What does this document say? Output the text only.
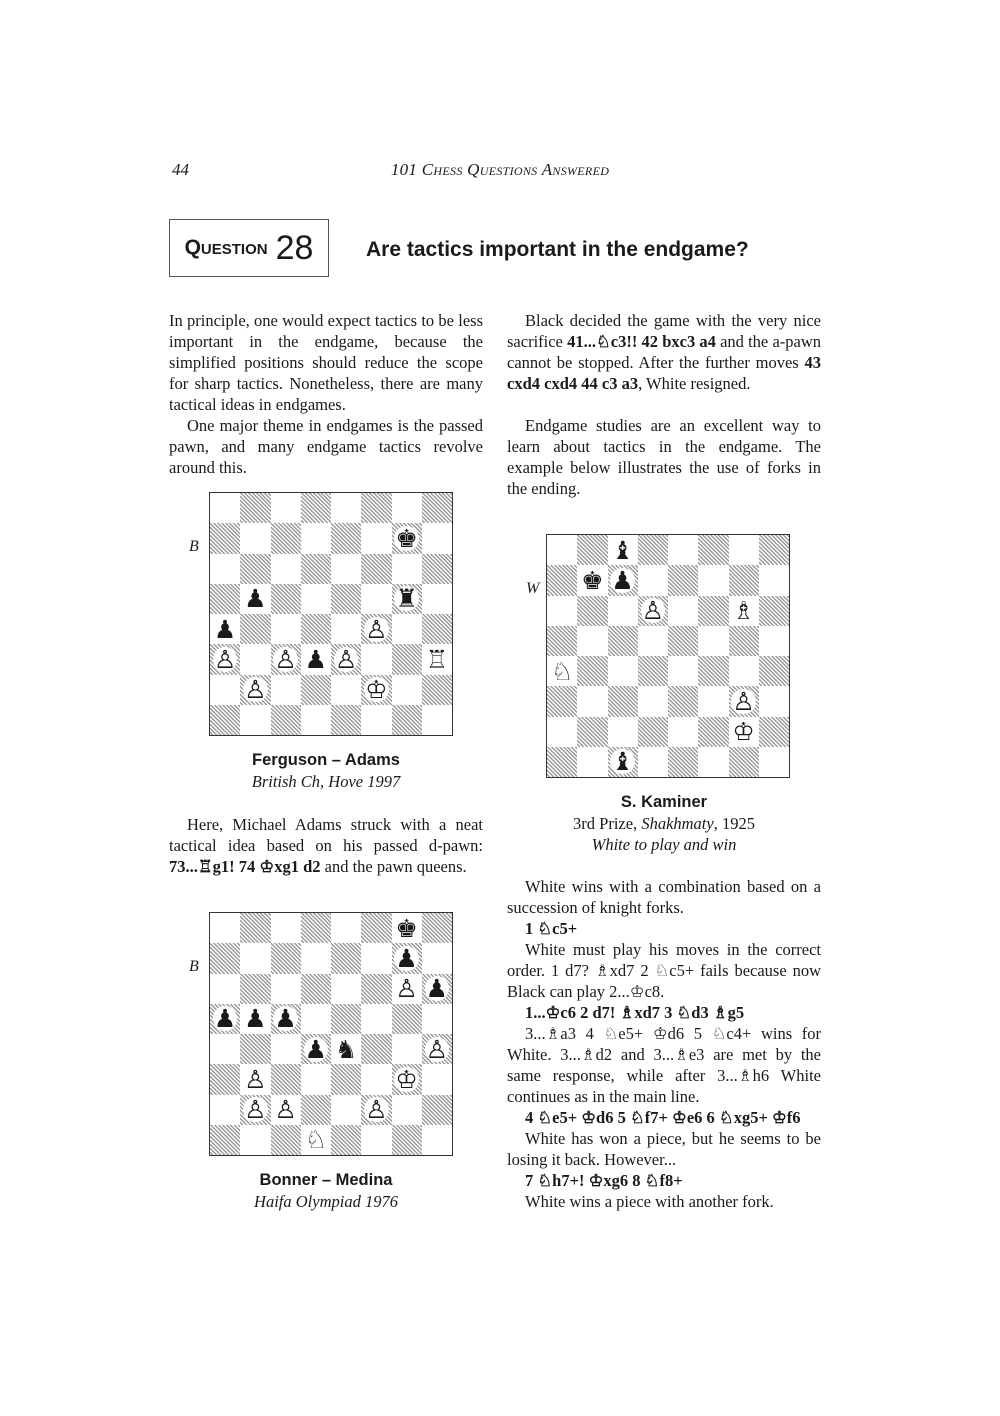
44	101 Chess Questions Answered
Question 28	Are tactics important in the endgame?

In principle, one would expect tactics to be less important in the endgame, because the simplified positions should reduce the scope for sharp tactics. Nonetheless, there are many tactical ideas in endgames.

One major theme in endgames is the passed pawn, and many endgame tactics revolve around this.

B	♚
♟	♜
♟	♙
♙ ♙ ♟ ♙	♖
♙	♔
Ferguson – Adams
British Ch, Hove 1997

Here, Michael Adams struck with a neat tactical idea based on his passed d-pawn: 73...♖g1! 74 ♔xg1 d2 and the pawn queens.

B
♚
♟
♙ ♟
♟ ♟ ♟
♟ ♞	♙
♙	♔
♙ ♙	♙
♘
Bonner – Medina
Haifa Olympiad 1976

Black decided the game with the very nice sacrifice 41...♘c3!! 42 bxc3 a4 and the a-pawn cannot be stopped. After the further moves 43 cxd4 cxd4 44 c3 a3, White resigned.

Endgame studies are an excellent way to learn about tactics in the endgame. The example below illustrates the use of forks in the ending.

W
♝
♚ ♟
♙	♗
♘
♙
♔
♝
S. Kaminer
3rd Prize, Shakhmaty, 1925
White to play and win

White wins with a combination based on a succession of knight forks.

1 ♘c5+

White must play his moves in the correct order. 1 d7? ♗xd7 2 ♘c5+ fails because now Black can play 2...♔c8.

1...♔c6 2 d7! ♗xd7 3 ♘d3 ♗g5

3...♗a3 4 ♘e5+ ♔d6 5 ♘c4+ wins for White. 3...♗d2 and 3...♗e3 are met by the same response, while after 3...♗h6 White continues as in the main line.

4 ♘e5+ ♔d6 5 ♘f7+ ♔e6 6 ♘xg5+ ♔f6

White has won a piece, but he seems to be losing it back. However...

7 ♘h7+! ♔xg6 8 ♘f8+

White wins a piece with another fork.
